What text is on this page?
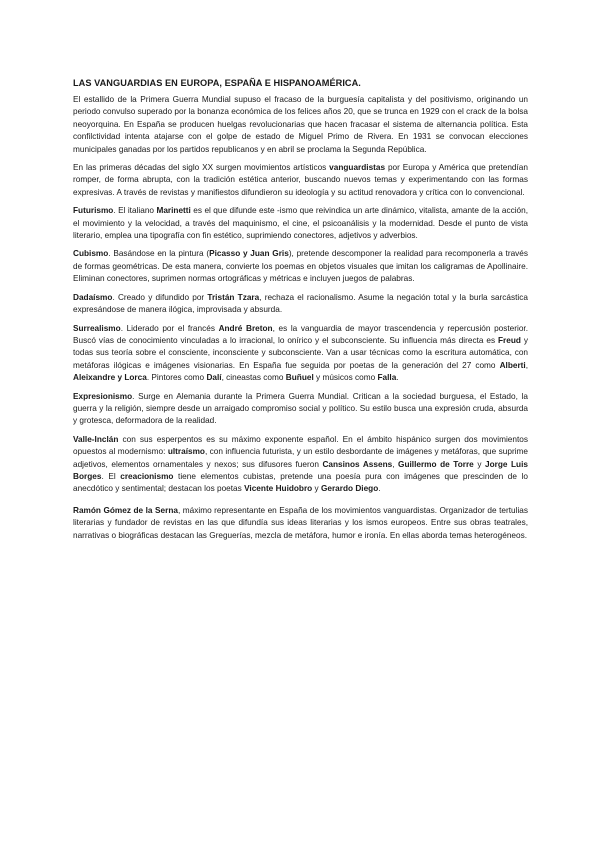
LAS VANGUARDIAS EN EUROPA, ESPAÑA E HISPANOAMÉRICA.

El estallido de la Primera Guerra Mundial supuso el fracaso de la burguesía capitalista y del positivismo, originando un periodo convulso superado por la bonanza económica de los felices años 20, que se trunca en 1929 con el crack de la bolsa neoyorquina. En España se producen huelgas revolucionarias que hacen fracasar el sistema de alternancia política. Esta confilctividad intenta atajarse con el golpe de estado de Miguel Primo de Rivera. En 1931 se convocan elecciones municipales ganadas por los partidos republicanos y en abril se proclama la Segunda República.

En las primeras décadas del siglo XX surgen movimientos artísticos vanguardistas por Europa y América que pretendían romper, de forma abrupta, con la tradición estética anterior, buscando nuevos temas y experimentando con las formas expresivas. A través de revistas y manifiestos difundieron su ideología y su actitud renovadora y crítica con lo convencional.

Futurismo. El italiano Marinetti es el que difunde este -ismo que reivindica un arte dinámico, vitalista, amante de la acción, el movimiento y la velocidad, a través del maquinismo, el cine, el psicoanálisis y la modernidad. Desde el punto de vista literario, emplea una tipografía con fin estético, suprimiendo conectores, adjetivos y adverbios.

Cubismo. Basándose en la pintura (Picasso y Juan Gris), pretende descomponer la realidad para recomponerla a través de formas geométricas. De esta manera, convierte los poemas en objetos visuales que imitan los caligramas de Apollinaire. Eliminan conectores, suprimen normas ortográficas y métricas e incluyen juegos de palabras.

Dadaísmo. Creado y difundido por Tristán Tzara, rechaza el racionalismo. Asume la negación total y la burla sarcástica expresándose de manera ilógica, improvisada y absurda.

Surrealismo. Liderado por el francés André Breton, es la vanguardia de mayor trascendencia y repercusión posterior. Buscó vías de conocimiento vinculadas a lo irracional, lo onírico y el subconsciente. Su influencia más directa es Freud y todas sus teoría sobre el consciente, inconsciente y subconsciente. Van a usar técnicas como la escritura automática, con metáforas ilógicas e imágenes visionarias. En España fue seguida por poetas de la generación del 27 como Alberti, Aleixandre y Lorca. Pintores como Dalí, cineastas como Buñuel y músicos como Falla.

Expresionismo. Surge en Alemania durante la Primera Guerra Mundial. Critican a la sociedad burguesa, el Estado, la guerra y la religión, siempre desde un arraigado compromiso social y político. Su estilo busca una expresión cruda, absurda y grotesca, deformadora de la realidad.

Valle-Inclán con sus esperpentos es su máximo exponente español. En el ámbito hispánico surgen dos movimientos opuestos al modernismo: ultraísmo, con influencia futurista, y un estilo desbordante de imágenes y metáforas, que suprime adjetivos, elementos ornamentales y nexos; sus difusores fueron Cansinos Assens, Guillermo de Torre y Jorge Luis Borges. El creacionismo tiene elementos cubistas, pretende una poesía pura con imágenes que prescinden de lo anecdótico y sentimental; destacan los poetas Vicente Huidobro y Gerardo Diego.

Ramón Gómez de la Serna, máximo representante en España de los movimientos vanguardistas. Organizador de tertulias literarias y fundador de revistas en las que difundía sus ideas literarias y los ismos europeos. Entre sus obras teatrales, narrativas o biográficas destacan las Greguerías, mezcla de metáfora, humor e ironía. En ellas aborda temas heterogéneos.
